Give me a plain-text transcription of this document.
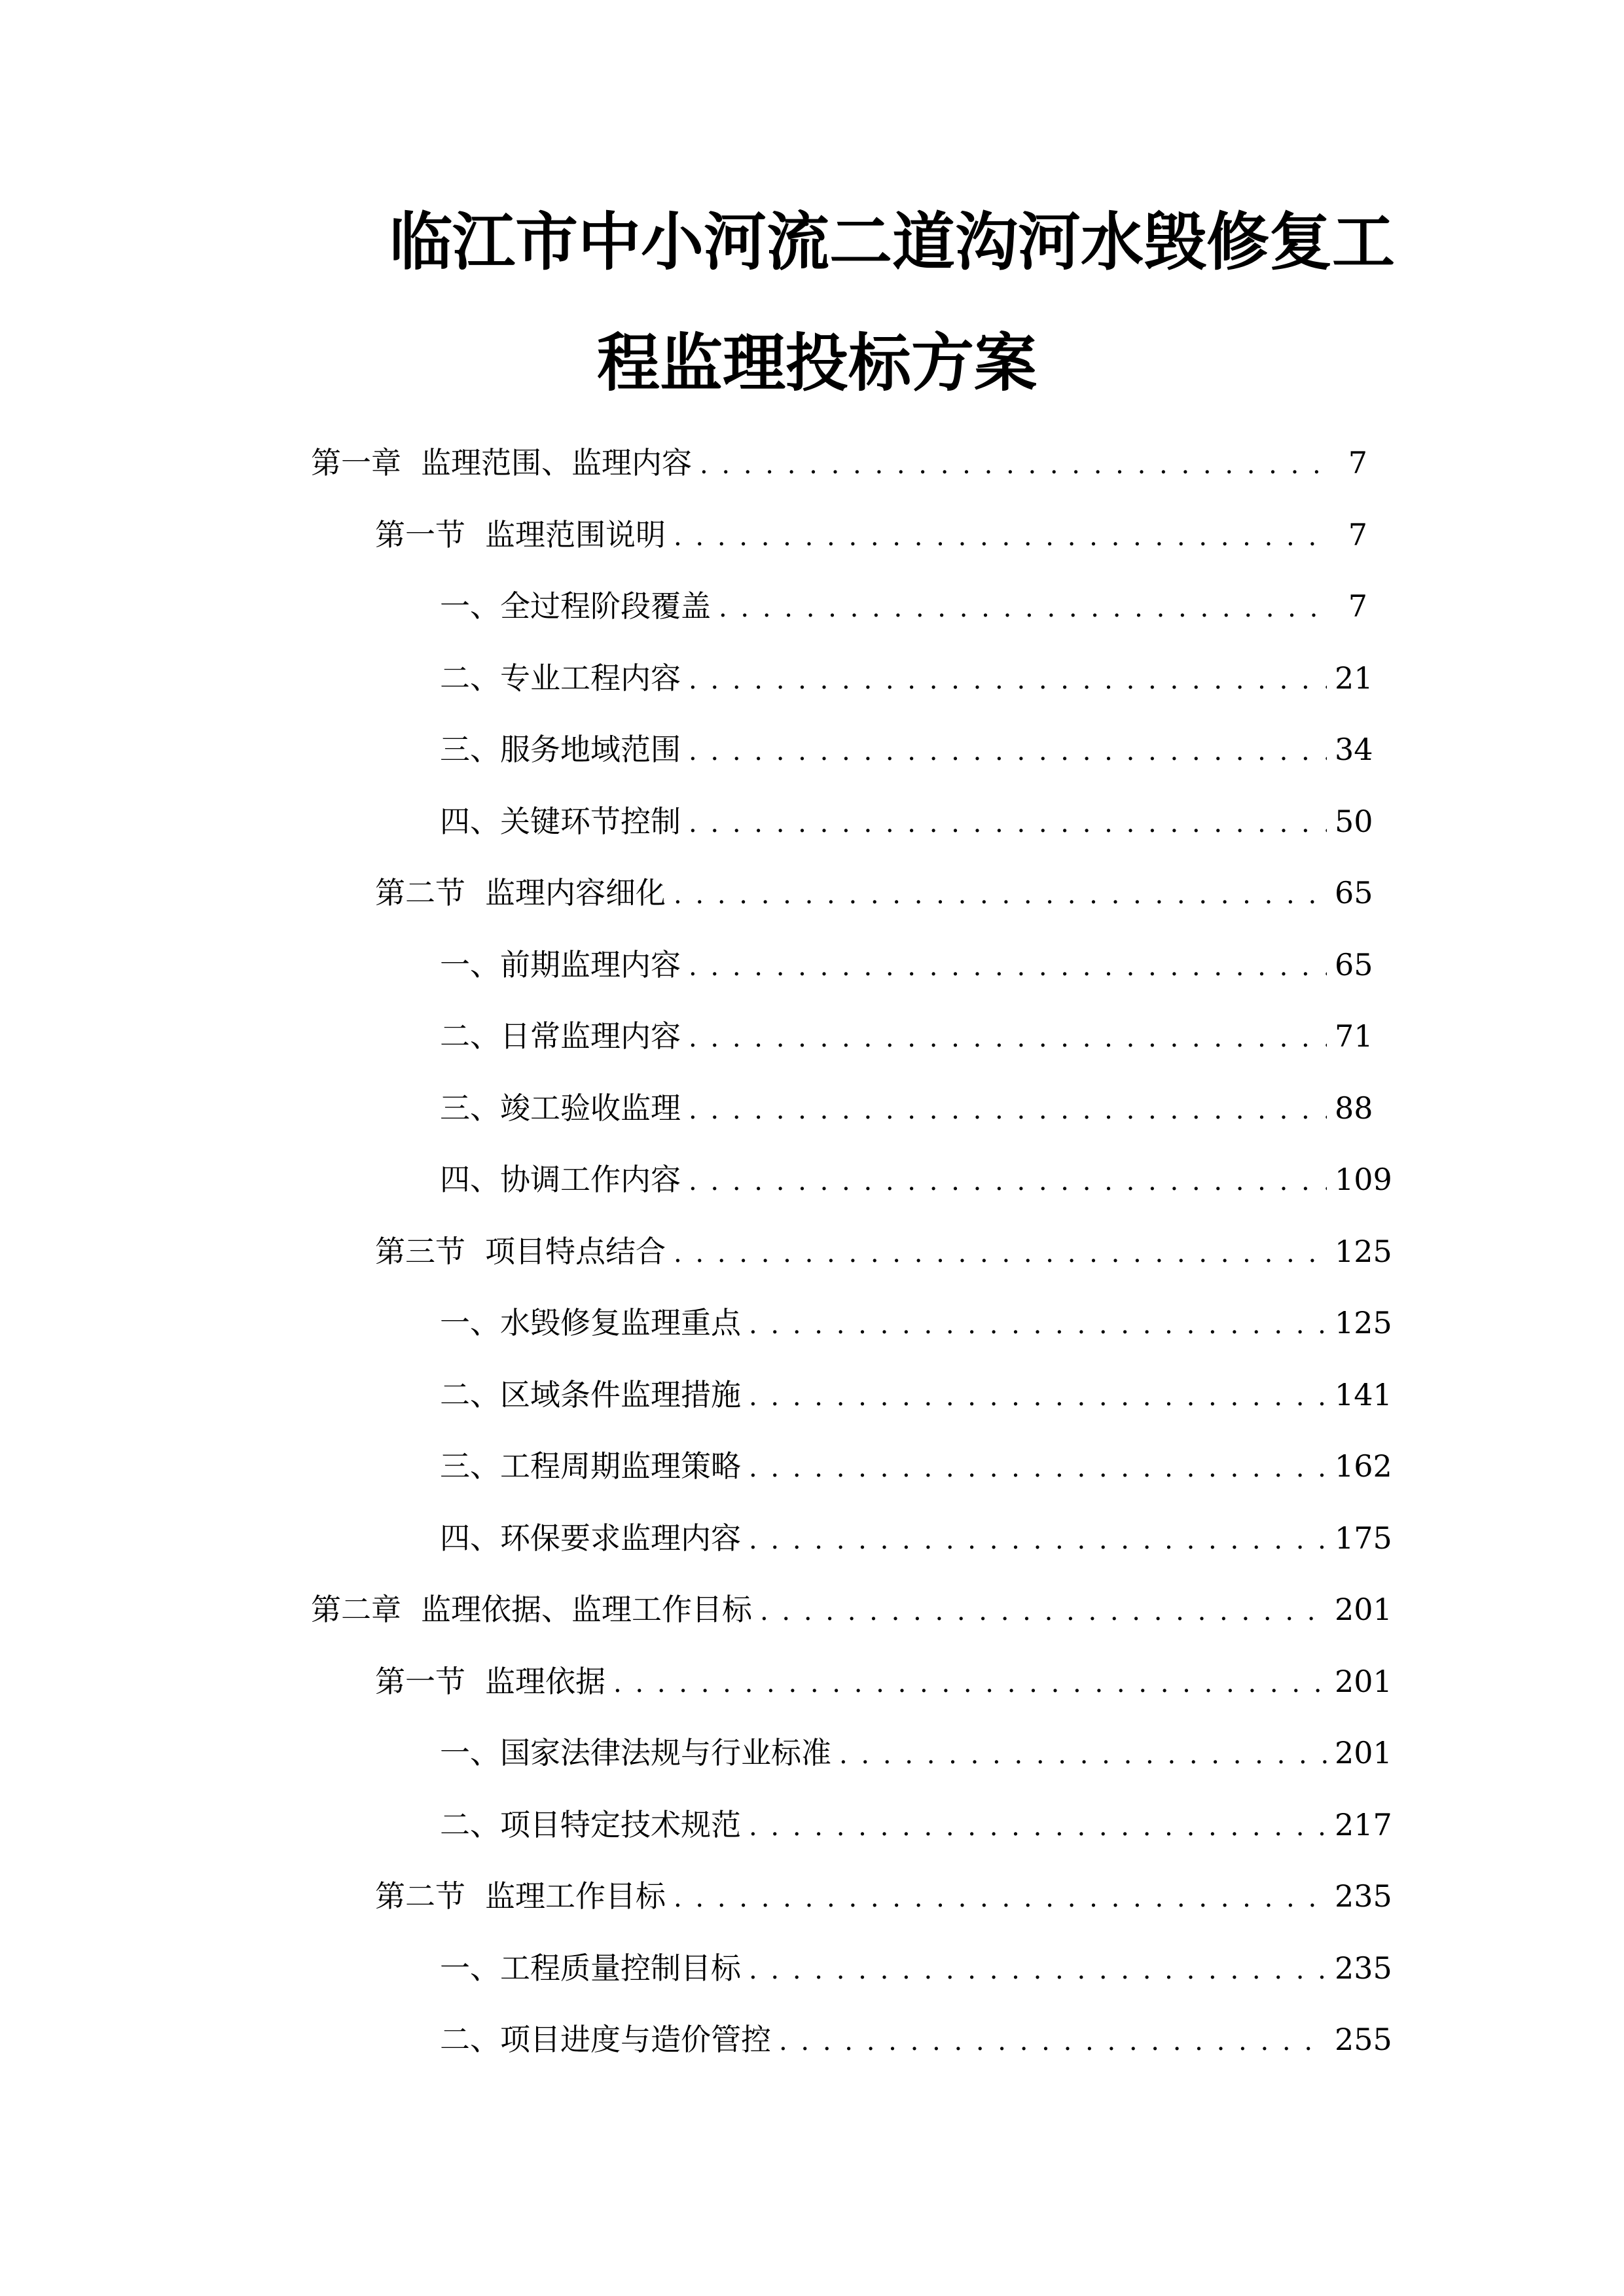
临江市中小河流二道沟河水毁修复工
程监理投标方案
第一章 监理范围、监理内容 . . .	7
第一节 监理范围说明 . . .	7
一、 全过程阶段覆盖 . . .	7
二、 专业工程内容 . . .	21
三、 服务地域范围 . . .	34
四、 关键环节控制 . . .	50
第二节 监理内容细化 . . .	65
一、 前期监理内容 . . .	65
二、 日常监理内容 . . .	71
三、 竣工验收监理 . . .	88
四、 协调工作内容 . . .	109
第三节 项目特点结合 . . .	125
一、 水毁修复监理重点 . . .	125
二、 区域条件监理措施 . . .	141
三、 工程周期监理策略 . . .	162
四、 环保要求监理内容 . . .	175
第二章 监理依据、监理工作目标 . . .	201
第一节 监理依据 . . .	201
一、 国家法律法规与行业标准 . . .	201
二、 项目特定技术规范 . . .	217
第二节 监理工作目标 . . .	235
一、 工程质量控制目标 . . .	235
二、 项目进度与造价管控 . . .	255
